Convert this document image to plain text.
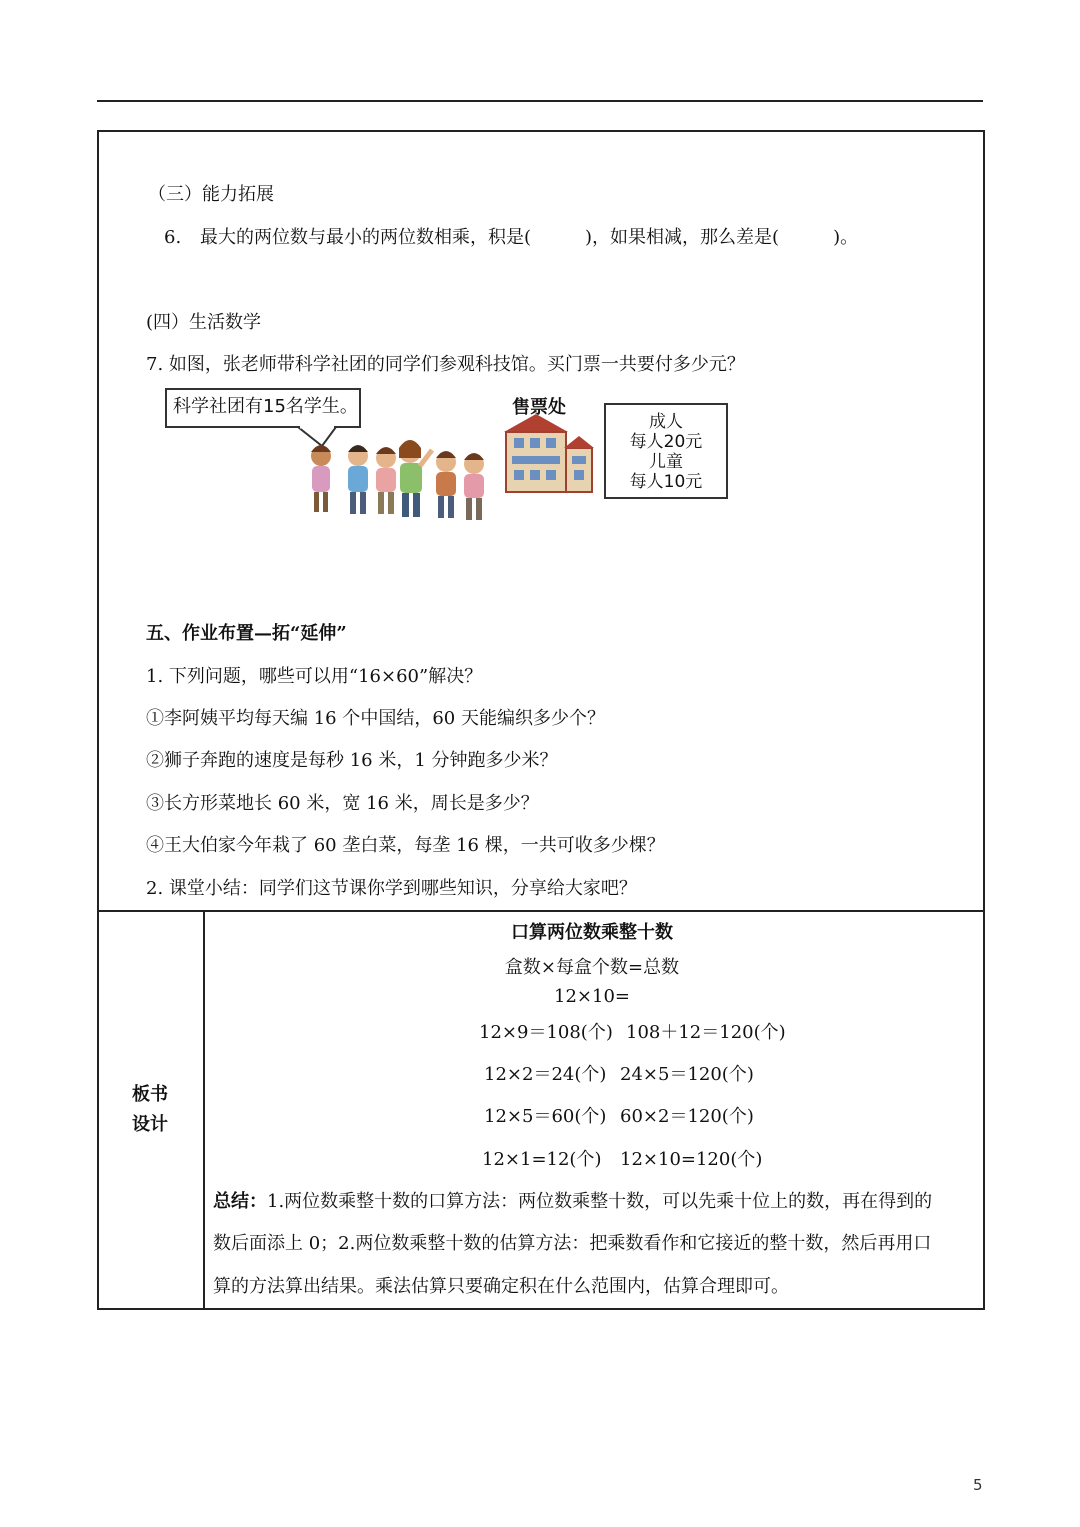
（三）能力拓展
6. 最大的两位数与最小的两位数相乘，积是(　　　)，如果相减，那么差是(　　　)。
(四）生活数学
7. 如图，张老师带科学社团的同学们参观科技馆。买门票一共要付多少元？
科学社团有15名学生。	售票处
成人
每人20元
儿童
每人10元
五、作业布置—拓“延伸”
1. 下列问题，哪些可以用“16×60”解决？
①李阿姨平均每天编 16 个中国结，60 天能编织多少个？
②狮子奔跑的速度是每秒 16 米，1 分钟跑多少米？
③长方形菜地长 60 米，宽 16 米，周长是多少？
④王大伯家今年栽了 60 垄白菜，每垄 16 棵，一共可收多少棵？
2. 课堂小结：同学们这节课你学到哪些知识，分享给大家吧？
板书
设计
口算两位数乘整十数
盒数×每盒个数=总数
12×10=
12×9＝108(个) 108＋12＝120(个)
12×2＝24(个) 24×5＝120(个)
12×5＝60(个) 60×2＝120(个)
12×1=12(个) 12×10=120(个)
总结：1.两位数乘整十数的口算方法：两位数乘整十数，可以先乘十位上的数，再在得到的
数后面添上 0；2.两位数乘整十数的估算方法：把乘数看作和它接近的整十数，然后再用口
算的方法算出结果。乘法估算只要确定积在什么范围内，估算合理即可。
5
